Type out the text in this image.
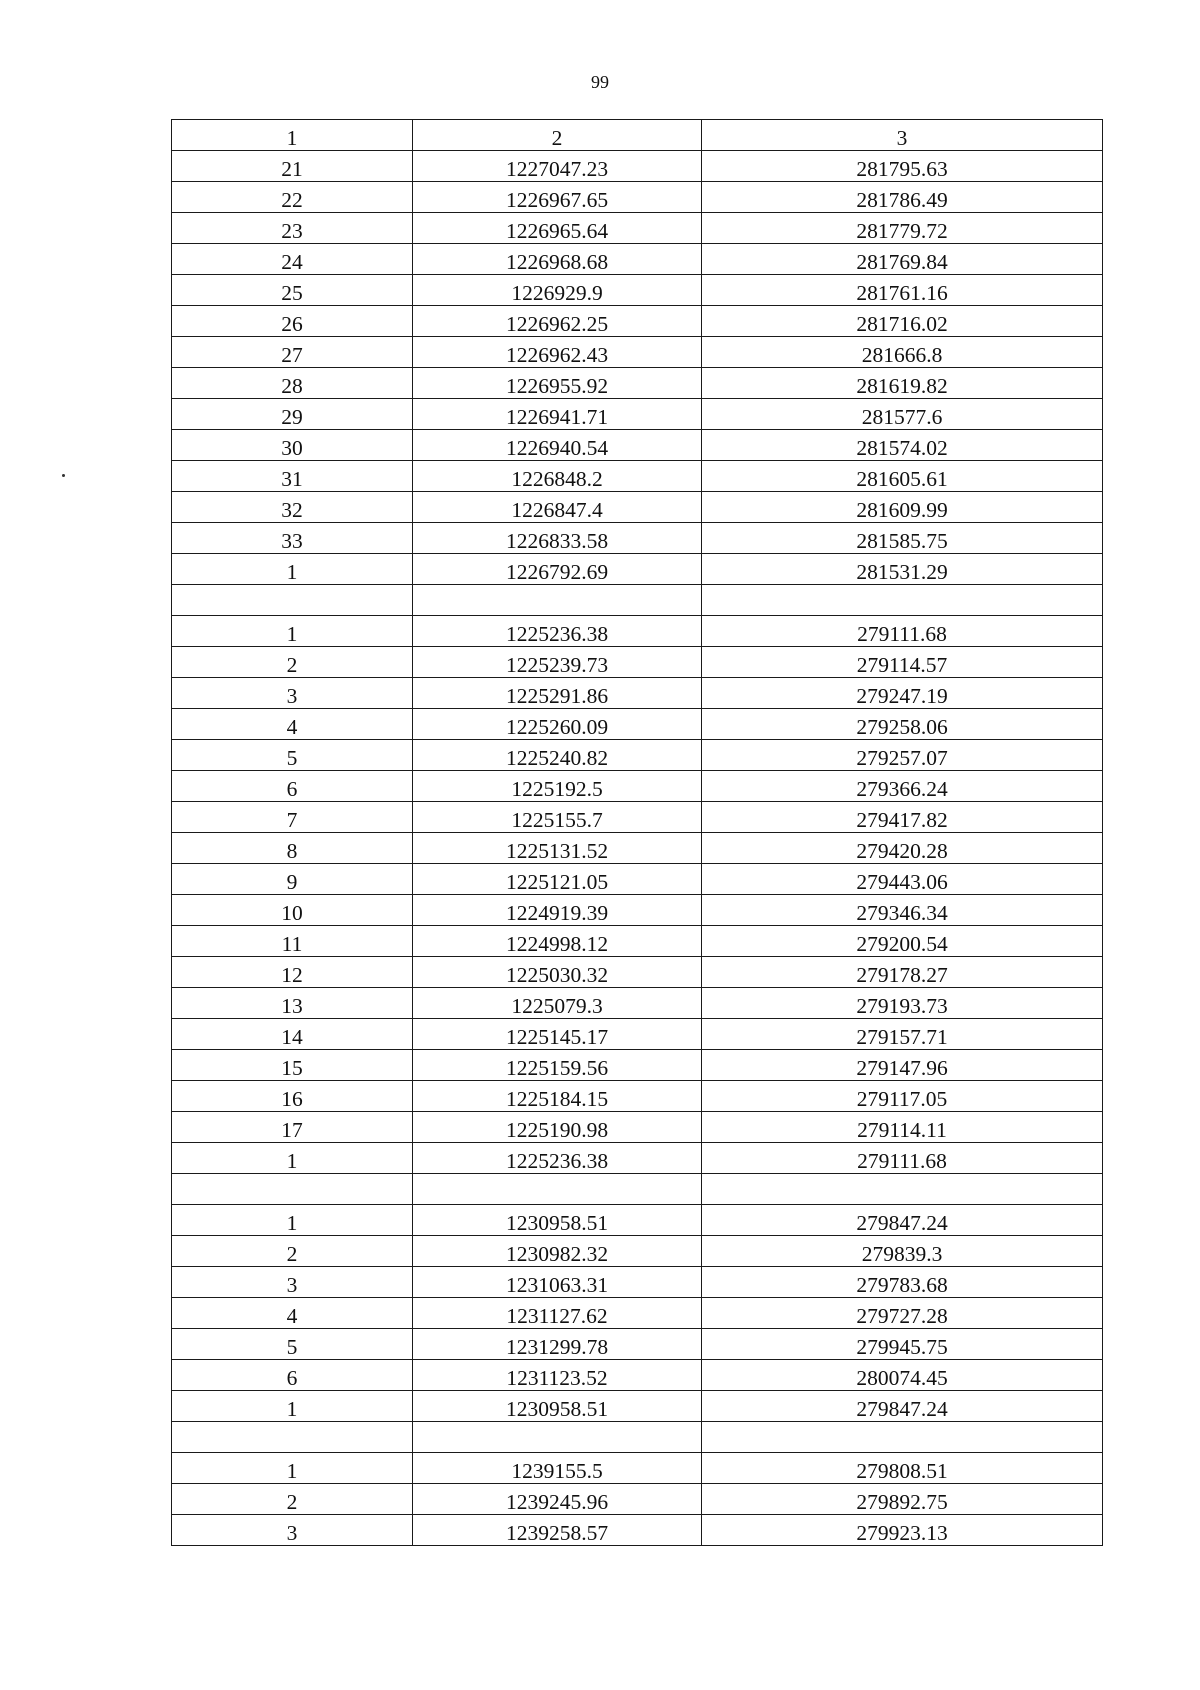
99
1	2	3
21	1227047.23	281795.63
22	1226967.65	281786.49
23	1226965.64	281779.72
24	1226968.68	281769.84
25	1226929.9	281761.16
26	1226962.25	281716.02
27	1226962.43	281666.8
28	1226955.92	281619.82
29	1226941.71	281577.6
30	1226940.54	281574.02
31	1226848.2	281605.61
32	1226847.4	281609.99
33	1226833.58	281585.75
1	1226792.69	281531.29

1	1225236.38	279111.68
2	1225239.73	279114.57
3	1225291.86	279247.19
4	1225260.09	279258.06
5	1225240.82	279257.07
6	1225192.5	279366.24
7	1225155.7	279417.82
8	1225131.52	279420.28
9	1225121.05	279443.06
10	1224919.39	279346.34
11	1224998.12	279200.54
12	1225030.32	279178.27
13	1225079.3	279193.73
14	1225145.17	279157.71
15	1225159.56	279147.96
16	1225184.15	279117.05
17	1225190.98	279114.11
1	1225236.38	279111.68

1	1230958.51	279847.24
2	1230982.32	279839.3
3	1231063.31	279783.68
4	1231127.62	279727.28
5	1231299.78	279945.75
6	1231123.52	280074.45
1	1230958.51	279847.24

1	1239155.5	279808.51
2	1239245.96	279892.75
3	1239258.57	279923.13
